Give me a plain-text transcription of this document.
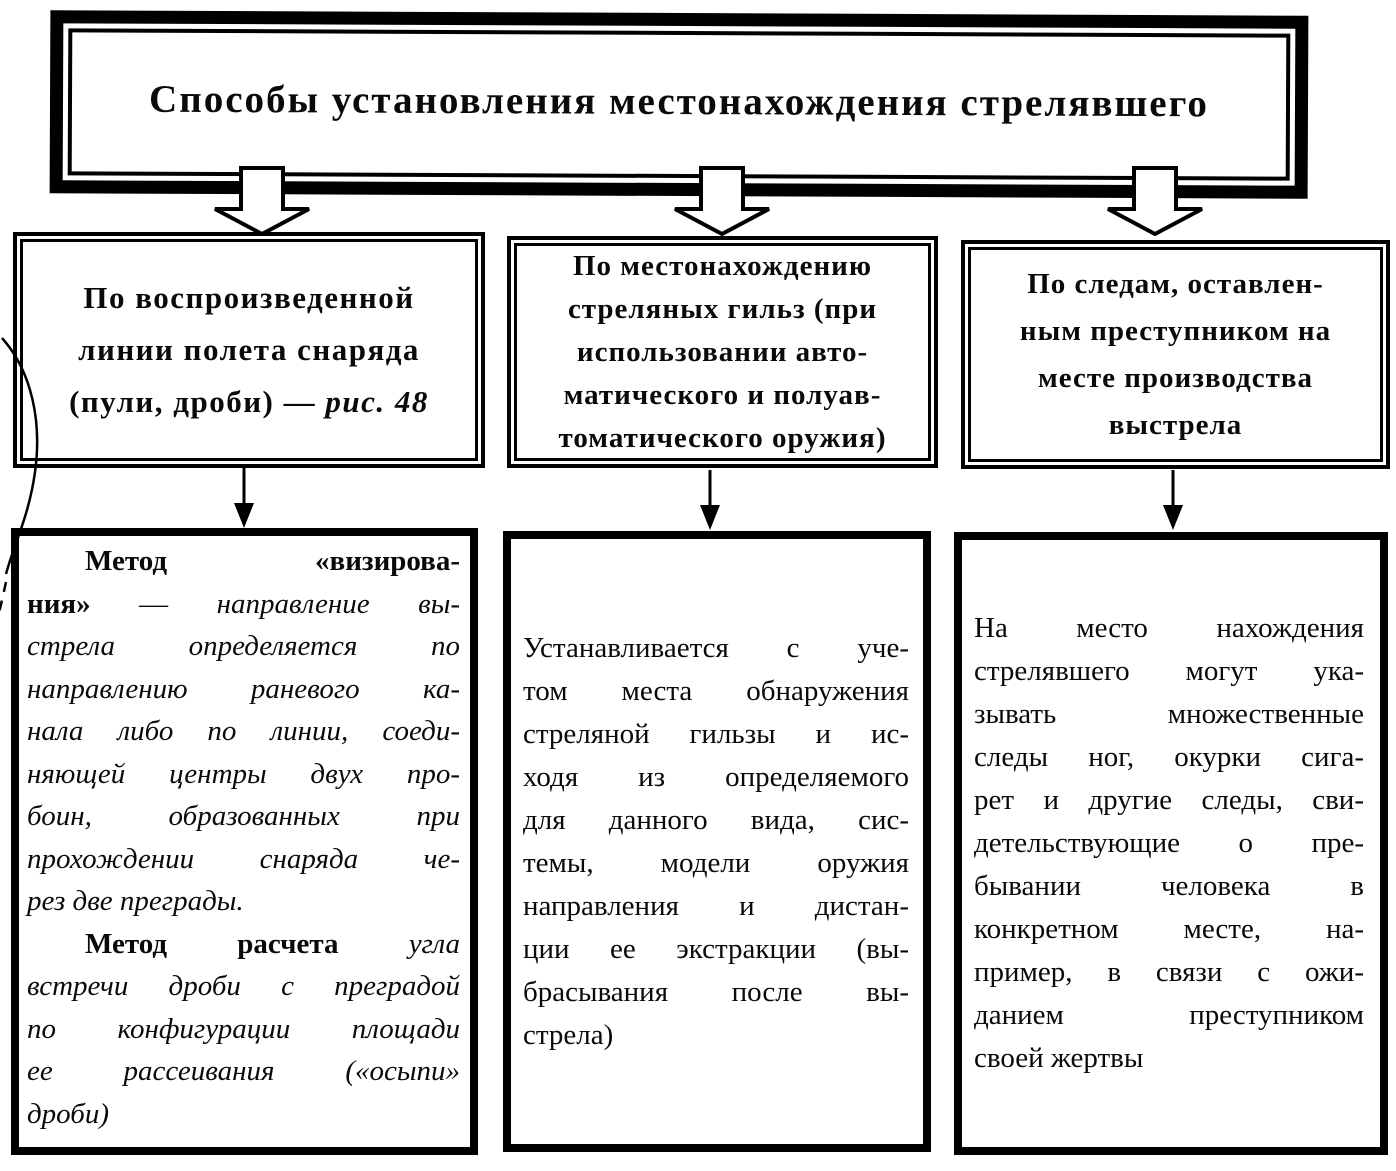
Способы установления местонахождения стрелявшего
По воспроизведенной
линии полета снаряда
(пули, дроби) — рис. 48
По местонахождению
стреляных гильз (при
использовании авто-
матического и полуав-
томатического оружия)
По следам, оставлен-
ным преступником на
месте производства
выстрела
Метод «визирова-
ния» — направление вы-
стрела определяется по
направлению раневого ка-
нала либо по линии, соеди-
няющей центры двух про-
боин, образованных при
прохождении снаряда че-
рез две преграды.
Метод расчета угла
встречи дроби с преградой
по конфигурации площади
ее рассеивания («осыпи»
дроби)
Устанавливается с уче-
том места обнаружения
стреляной гильзы и ис-
ходя из определяемого
для данного вида, сис-
темы, модели оружия
направления и дистан-
ции ее экстракции (вы-
брасывания после вы-
стрела)
На место нахождения
стрелявшего могут ука-
зывать множественные
следы ног, окурки сига-
рет и другие следы, сви-
детельствующие о пре-
бывании человека в
конкретном месте, на-
пример, в связи с ожи-
данием преступником
своей жертвы
